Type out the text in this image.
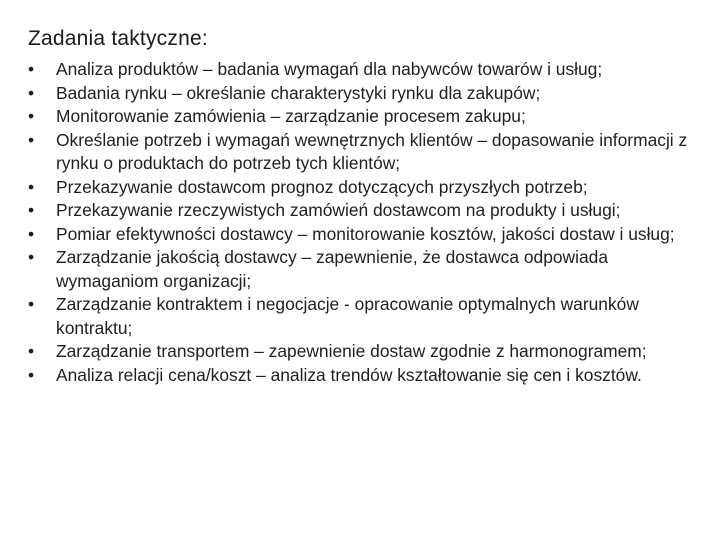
Zadania taktyczne:
•	Analiza produktów – badania wymagań dla nabywców towarów i usług;
•	Badania rynku – określanie charakterystyki rynku dla zakupów;
•	Monitorowanie zamówienia – zarządzanie procesem zakupu;
•	Określanie potrzeb i wymagań wewnętrznych klientów – dopasowanie informacji z rynku o produktach do potrzeb tych klientów;
•	Przekazywanie dostawcom prognoz dotyczących przyszłych potrzeb;
•	Przekazywanie rzeczywistych zamówień dostawcom na produkty i usługi;
•	Pomiar efektywności dostawcy – monitorowanie kosztów, jakości dostaw i usług;
•	Zarządzanie jakością dostawcy – zapewnienie, że dostawca odpowiada wymaganiom organizacji;
•	Zarządzanie kontraktem i negocjacje - opracowanie optymalnych warunków kontraktu;
•	Zarządzanie transportem – zapewnienie dostaw zgodnie z harmonogramem;
•	Analiza relacji cena/koszt – analiza trendów kształtowanie się cen i kosztów.
